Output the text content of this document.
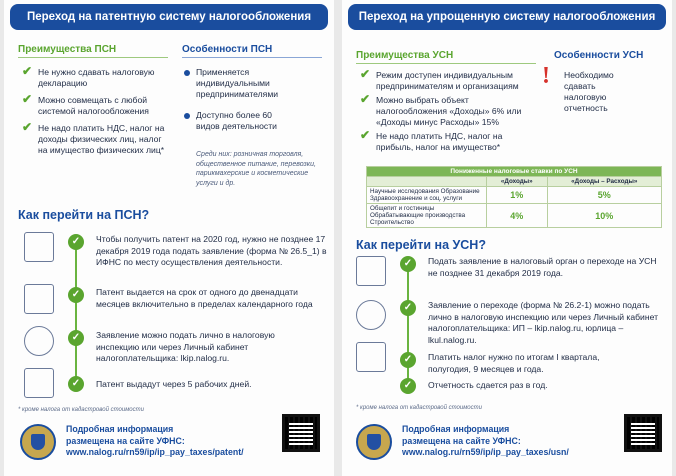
Переход на патентную систему налогообложения
Преимущества ПСН
✔ Не нужно сдавать налоговую декларацию
✔ Можно совмещать с любой системой налогообложения
✔ Не надо платить НДС, налог на доходы физических лиц, налог на имущество физических лиц*
Особенности ПСН
Применяется индивидуальными предпринимателями
Доступно более 60 видов деятельности
Среди них: розничная торговля, общественное питание, перевозки, парикмахерские и косметические услуги и др.
Как перейти на ПСН?
✓	Чтобы получить патент на 2020 год, нужно не позднее 17 декабря 2019 года подать заявление (форма № 26.5_1) в ИФНС по месту осуществления деятельности.
✓	Патент выдается на срок от одного до двенадцати месяцев включительно в пределах календарного года
✓	Заявление можно подать лично в налоговую инспекцию или через Личный кабинет налогоплательщика: lkip.nalog.ru.
✓	Патент выдадут через 5 рабочих дней.
* кроме налога от кадастровой стоимости
Подробная информация
размещена на сайте УФНС:
www.nalog.ru/rn59/ip/ip_pay_taxes/patent/
Переход на упрощенную систему налогообложения
Преимущества УСН
✔ Режим доступен индивидуальным предпринимателям и организациям
✔ Можно выбрать объект налогообложения «Доходы» 6% или «Доходы минус Расходы» 15%
✔ Не надо платить НДС, налог на прибыль, налог на имущество*
Особенности УСН
! Необходимо сдавать налоговую отчетность
Пониженные налоговые ставки по УСН		
	«Доходы»	«Доходы – Расходы»
Научные исследования Образование Здравоохранение и соц. услуги	1%	5%
Общепит и гостиницы Обрабатывающие производства Строительство	4%	10%
Как перейти на УСН?
✓	Подать заявление в налоговый орган о переходе на УСН не позднее 31 декабря 2019 года.
✓	Заявление о переходе (форма № 26.2-1) можно подать лично в налоговую инспекцию или через Личный кабинет налогоплательщика: ИП – lkip.nalog.ru, юрлица – lkul.nalog.ru.
✓	Платить налог нужно по итогам I квартала, полугодия, 9 месяцев и года.
✓	Отчетность сдается раз в год.
* кроме налога от кадастровой стоимости
Подробная информация
размещена на сайте УФНС:
www.nalog.ru/rn59/ip/ip_pay_taxes/usn/
